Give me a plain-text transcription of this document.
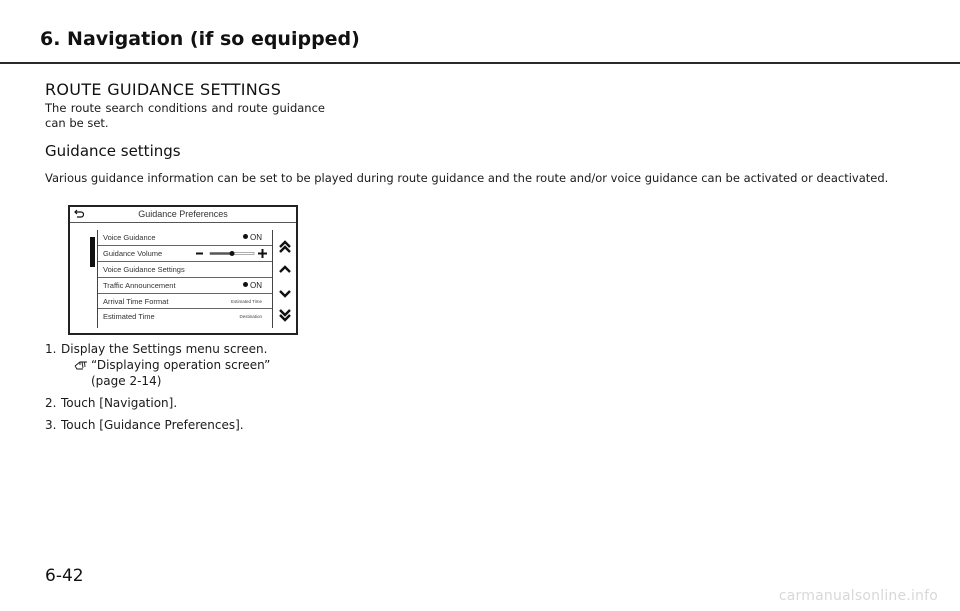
6. Navigation (if so equipped)
ROUTE GUIDANCE SETTINGS
The route search conditions and route guidance can be set.
Guidance settings
Various guidance information can be set to be played during route guidance and the route and/or voice guidance can be activated or deactivated.
Guidance Preferences
Voice Guidance	ON
Guidance Volume
Voice Guidance Settings
Traffic Announcement	ON
Arrival Time Format	Estimated Time
Estimated Time	Destination
1. Display the Settings menu screen.
“Displaying operation screen”
(page 2-14)
2. Touch [Navigation].
3. Touch [Guidance Preferences].
6-42
carmanualsonline.info
